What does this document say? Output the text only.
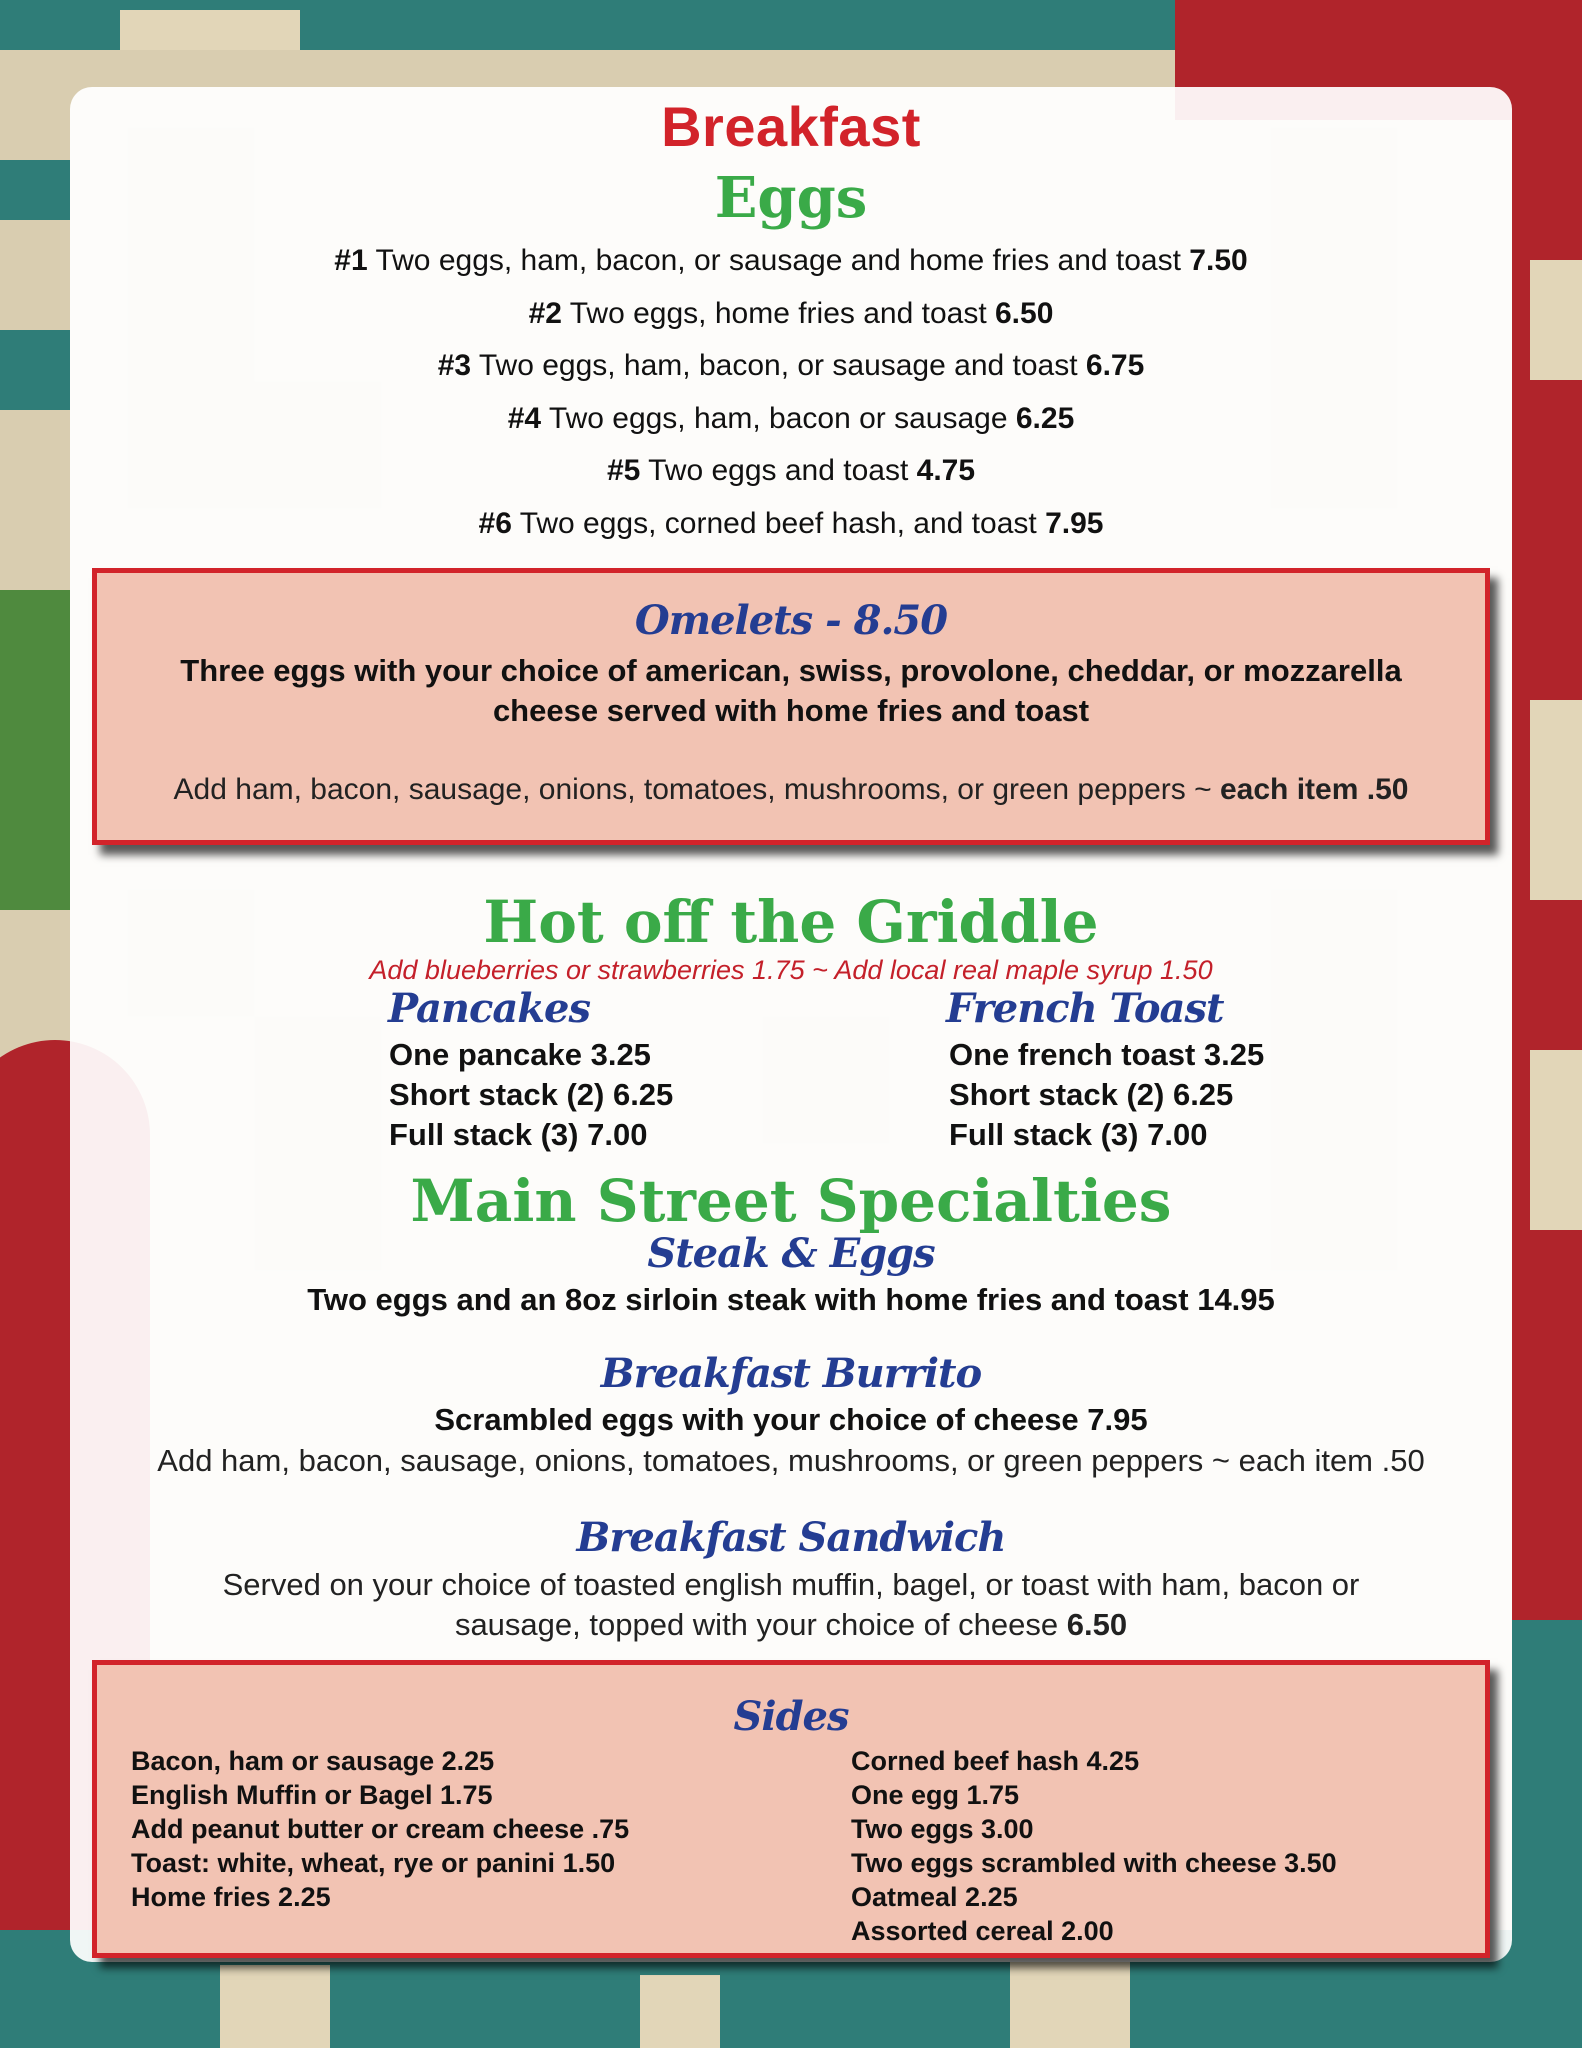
Breakfast
Eggs
#1 Two eggs, ham, bacon, or sausage and home fries and toast 7.50
#2 Two eggs, home fries and toast 6.50
#3 Two eggs, ham, bacon, or sausage and toast 6.75
#4 Two eggs, ham, bacon or sausage 6.25
#5 Two eggs and toast 4.75
#6 Two eggs, corned beef hash, and toast 7.95
Omelets - 8.50
Three eggs with your choice of american, swiss, provolone, cheddar, or mozzarella
cheese served with home fries and toast
Add ham, bacon, sausage, onions, tomatoes, mushrooms, or green peppers ~ each item .50
Hot off the Griddle
Add blueberries or strawberries 1.75 ~ Add local real maple syrup 1.50
Pancakes
One pancake 3.25
Short stack (2) 6.25
Full stack (3) 7.00
French Toast
One french toast 3.25
Short stack (2) 6.25
Full stack (3) 7.00
Main Street Specialties
Steak & Eggs
Two eggs and an 8oz sirloin steak with home fries and toast 14.95
Breakfast Burrito
Scrambled eggs with your choice of cheese 7.95
Add ham, bacon, sausage, onions, tomatoes, mushrooms, or green peppers ~ each item .50
Breakfast Sandwich
Served on your choice of toasted english muffin, bagel, or toast with ham, bacon or
sausage, topped with your choice of cheese 6.50
Sides
Bacon, ham or sausage 2.25
English Muffin or Bagel 1.75
Add peanut butter or cream cheese .75
Toast: white, wheat, rye or panini 1.50
Home fries 2.25
Corned beef hash 4.25
One egg 1.75
Two eggs 3.00
Two eggs scrambled with cheese 3.50
Oatmeal 2.25
Assorted cereal 2.00
